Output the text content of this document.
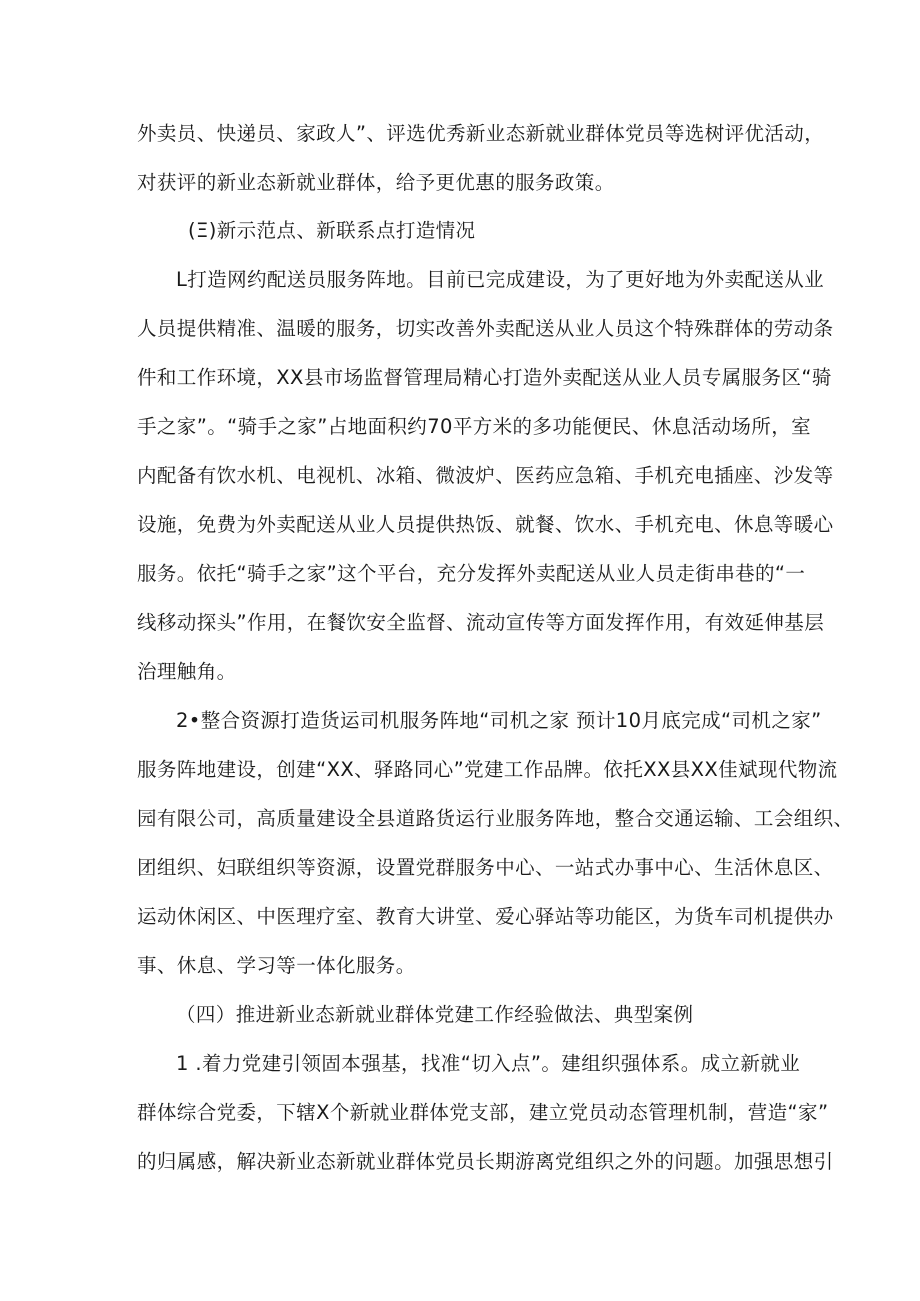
外卖员、快递员、家政人”、评选优秀新业态新就业群体党员等选树评优活动，
对获评的新业态新就业群体，给予更优惠的服务政策。
(Ξ)新示范点、新联系点打造情况
L打造网约配送员服务阵地。目前已完成建设，为了更好地为外卖配送从业
人员提供精准、温暖的服务，切实改善外卖配送从业人员这个特殊群体的劳动条
件和工作环境，XX县市场监督管理局精心打造外卖配送从业人员专属服务区“骑
手之家”。“骑手之家”占地面积约70平方米的多功能便民、休息活动场所，室
内配备有饮水机、电视机、冰箱、微波炉、医药应急箱、手机充电插座、沙发等
设施，免费为外卖配送从业人员提供热饭、就餐、饮水、手机充电、休息等暖心
服务。依托“骑手之家”这个平台，充分发挥外卖配送从业人员走街串巷的“一
线移动探头”作用，在餐饮安全监督、流动宣传等方面发挥作用，有效延伸基层
治理触角。
2•整合资源打造货运司机服务阵地“司机之家 预计10月底完成“司机之家”
服务阵地建设，创建“XX、驿路同心”党建工作品牌。依托XX县XX佳斌现代物流
园有限公司，高质量建设全县道路货运行业服务阵地，整合交通运输、工会组织、
团组织、妇联组织等资源，设置党群服务中心、一站式办事中心、生活休息区、
运动休闲区、中医理疗室、教育大讲堂、爱心驿站等功能区，为货车司机提供办
事、休息、学习等一体化服务。
（四）推进新业态新就业群体党建工作经验做法、典型案例
1 .着力党建引领固本强基，找准“切入点”。建组织强体系。成立新就业
群体综合党委，下辖X个新就业群体党支部，建立党员动态管理机制，营造“家”
的归属感，解决新业态新就业群体党员长期游离党组织之外的问题。加强思想引
